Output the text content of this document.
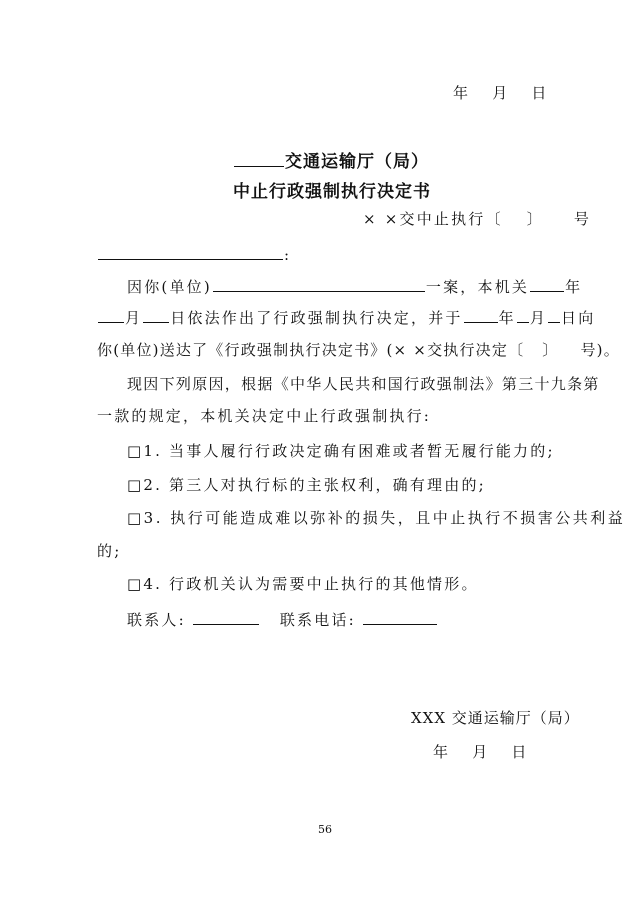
年 月 日
交通运输厅（局）
中止行政强制执行决定书
× ×交中止执行〔 〕 号
:
因你(单位)	一案，本机关 年
月 日依法作出了行政强制执行决定，并于 年 月 日向
你(单位)送达了《行政强制执行决定书》(× ×交执行决定〔 〕 号)。
现因下列原因，根据《中华人民共和国行政强制法》第三十九条第
一款的规定，本机关决定中止行政强制执行:
□1. 当事人履行行政决定确有困难或者暂无履行能力的;
□2. 第三人对执行标的主张权利，确有理由的;
□3. 执行可能造成难以弥补的损失，且中止执行不损害公共利益
的;
□4. 行政机关认为需要中止执行的其他情形。
联系人:	联系电话:
XXX 交通运输厅（局）
年 月 日
56
